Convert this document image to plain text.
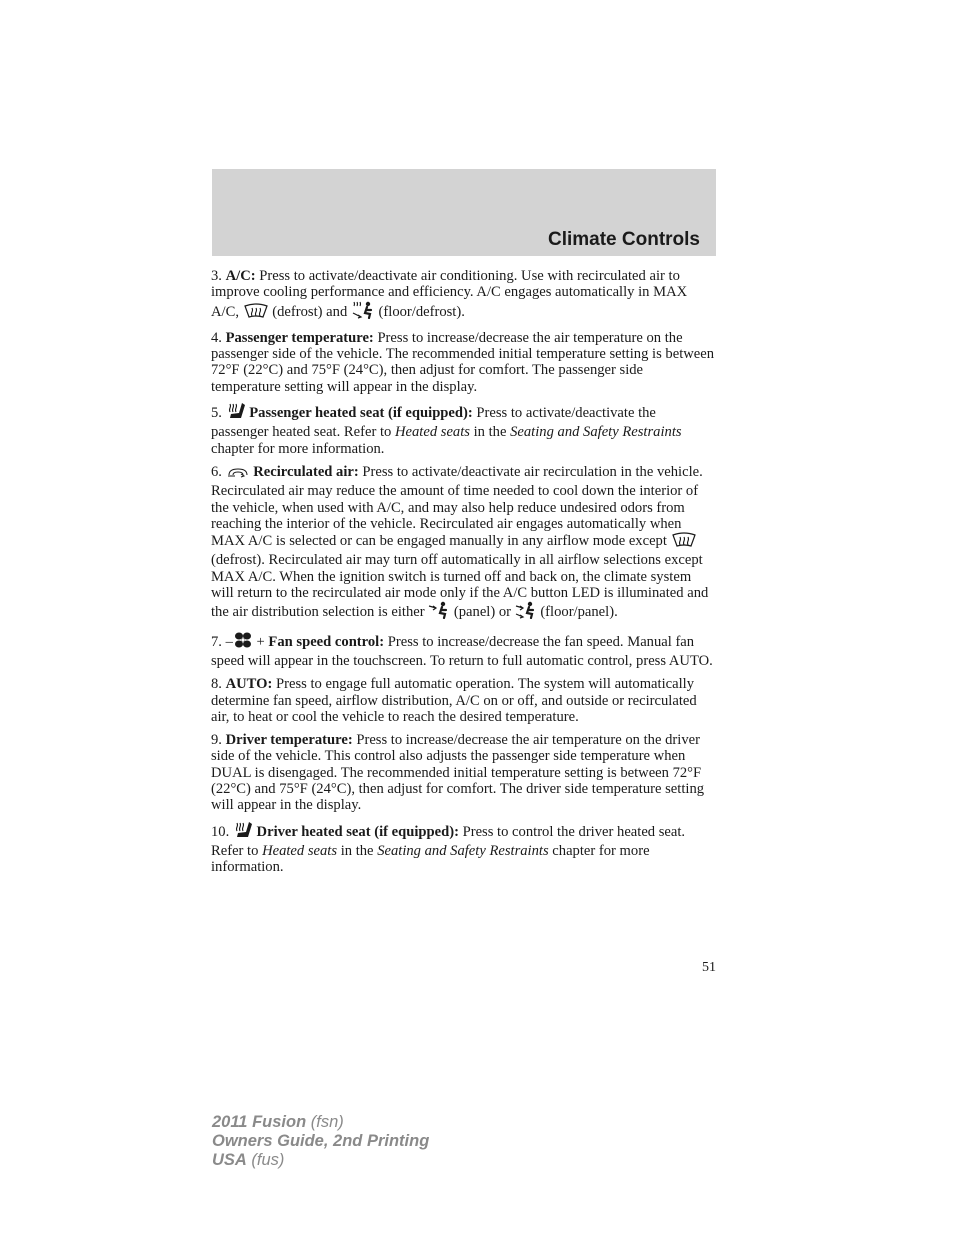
Climate Controls

3. A/C: Press to activate/deactivate air conditioning. Use with recirculated air to improve cooling performance and efficiency. A/C engages automatically in MAX A/C,  (defrost) and  (floor/defrost).

4. Passenger temperature: Press to increase/decrease the air temperature on the passenger side of the vehicle. The recommended initial temperature setting is between 72°F (22°C) and 75°F (24°C), then adjust for comfort. The passenger side temperature setting will appear in the display.

5.  Passenger heated seat (if equipped): Press to activate/deactivate the passenger heated seat. Refer to Heated seats in the Seating and Safety Restraints chapter for more information.

6.  Recirculated air: Press to activate/deactivate air recirculation in the vehicle. Recirculated air may reduce the amount of time needed to cool down the interior of the vehicle, when used with A/C, and may also help reduce undesired odors from reaching the interior of the vehicle. Recirculated air engages automatically when MAX A/C is selected or can be engaged manually in any airflow mode except  (defrost). Recirculated air may turn off automatically in all airflow selections except MAX A/C. When the ignition switch is turned off and back on, the climate system will return to the recirculated air mode only if the A/C button LED is illuminated and the air distribution selection is either  (panel) or  (floor/panel).

7. – + Fan speed control: Press to increase/decrease the fan speed. Manual fan speed will appear in the touchscreen. To return to full automatic control, press AUTO.

8. AUTO: Press to engage full automatic operation. The system will automatically determine fan speed, airflow distribution, A/C on or off, and outside or recirculated air, to heat or cool the vehicle to reach the desired temperature.

9. Driver temperature: Press to increase/decrease the air temperature on the driver side of the vehicle. This control also adjusts the passenger side temperature when DUAL is disengaged. The recommended initial temperature setting is between 72°F (22°C) and 75°F (24°C), then adjust for comfort. The driver side temperature setting will appear in the display.

10.  Driver heated seat (if equipped): Press to control the driver heated seat. Refer to Heated seats in the Seating and Safety Restraints chapter for more information.

51
2011 Fusion (fsn)
Owners Guide, 2nd Printing
USA (fus)
